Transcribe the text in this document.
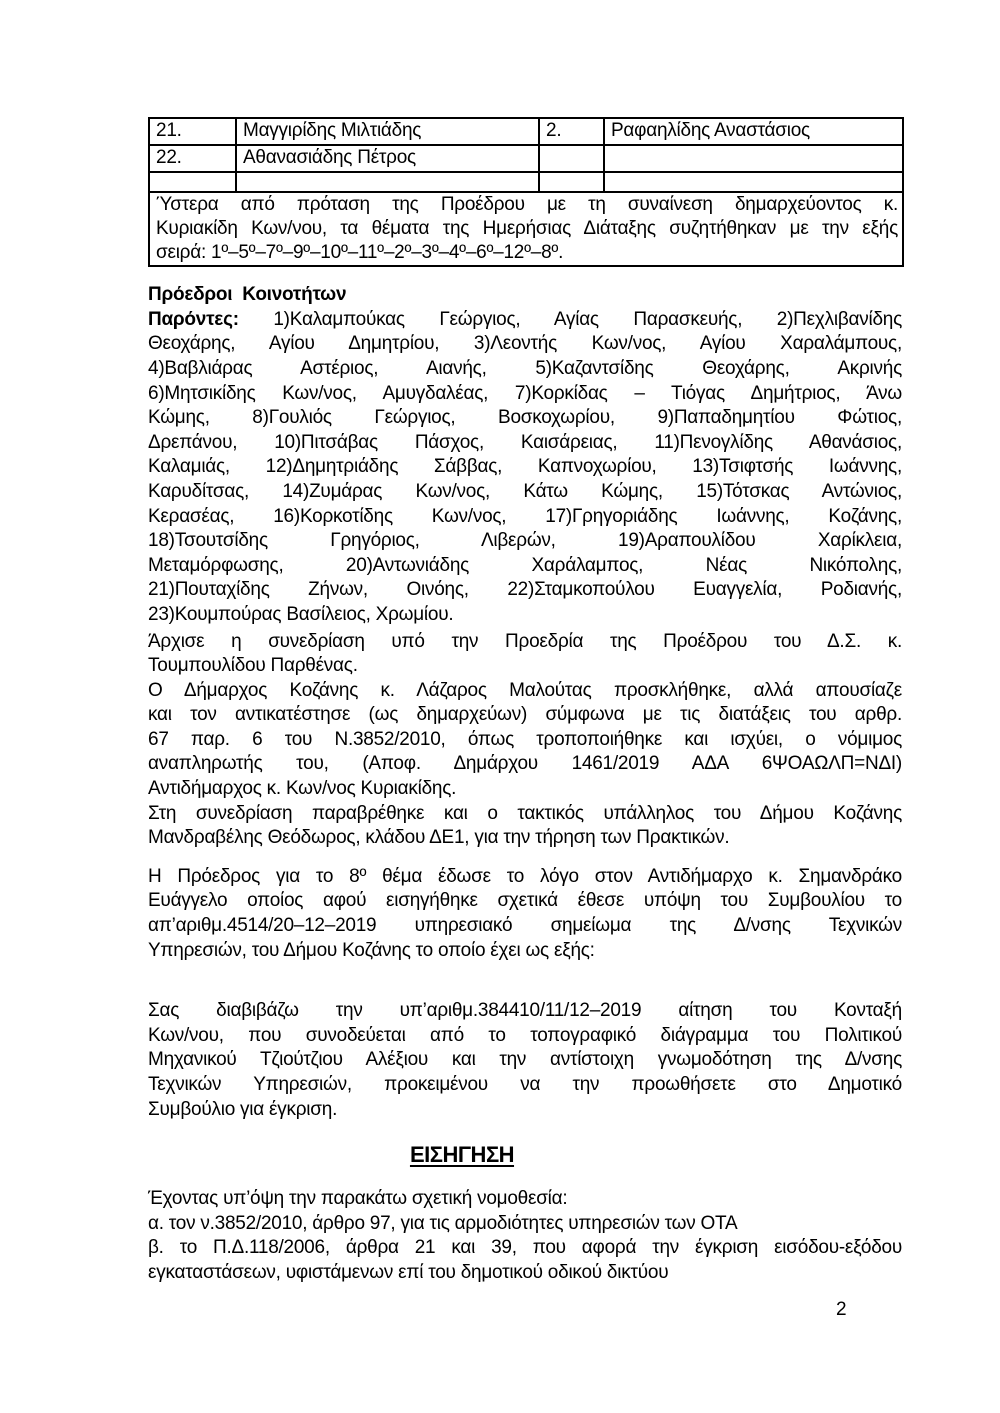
21.	Μαγγιρίδης Μιλτιάδης	2.	Ραφαηλίδης Αναστάσιος
22.	Αθανασιάδης Πέτρος		

Ύστερα από πρόταση της Προέδρου με τη συναίνεση δημαρχεύοντος κ.
Κυριακίδη Κων/νου, τα θέματα της Ημερήσιας Διάταξης συζητήθηκαν με την εξής
σειρά: 1º–5º–7º–9º–10º–11º–2º–3º–4º–6º–12º–8º.			
Πρόεδροι Κοινοτήτων
Παρόντες: 1)Καλαμπούκας Γεώργιος, Αγίας Παρασκευής, 2)Πεχλιβανίδης
Θεοχάρης, Αγίου Δημητρίου, 3)Λεοντής Κων/νος, Αγίου Χαραλάμπους,
4)Βαβλιάρας Αστέριος, Αιανής, 5)Καζαντσίδης Θεοχάρης, Ακρινής
6)Μητσικίδης Κων/νος, Αμυγδαλέας, 7)Κορκίδας – Τιόγας Δημήτριος, Άνω
Κώμης, 8)Γουλιός Γεώργιος, Βοσκοχωρίου, 9)Παπαδημητίου Φώτιος,
Δρεπάνου, 10)Πιτσάβας Πάσχος, Καισάρειας, 11)Πενογλίδης Αθανάσιος,
Καλαμιάς, 12)Δημητριάδης Σάββας, Καπνοχωρίου, 13)Τσιφτσής Ιωάννης,
Καρυδίτσας, 14)Ζυμάρας Κων/νος, Κάτω Κώμης, 15)Τότσκας Αντώνιος,
Κερασέας, 16)Κορκοτίδης Κων/νος, 17)Γρηγοριάδης Ιωάννης, Κοζάνης,
18)Τσουτσίδης Γρηγόριος, Λιβερών, 19)Αραπουλίδου Χαρίκλεια,
Μεταμόρφωσης, 20)Αντωνιάδης Χαράλαμπος, Νέας Νικόπολης,
21)Πουταχίδης Ζήνων, Οινόης, 22)Σταμκοπούλου Ευαγγελία, Ροδιανής,
23)Κουμπούρας Βασίλειος, Χρωμίου.
Άρχισε η συνεδρίαση υπό την Προεδρία της Προέδρου του Δ.Σ. κ.
Τουμπουλίδου Παρθένας.
Ο Δήμαρχος Κοζάνης κ. Λάζαρος Μαλούτας προσκλήθηκε, αλλά απουσίαζε
και τον αντικατέστησε (ως δημαρχεύων) σύμφωνα με τις διατάξεις του αρθρ.
67 παρ. 6 του Ν.3852/2010, όπως τροποποιήθηκε και ισχύει, ο νόμιμος
αναπληρωτής του, (Αποφ. Δημάρχου 1461/2019 ΑΔΑ 6ΨΟΑΩΛΠ=ΝΔΙ)
Αντιδήμαρχος κ. Κων/νος Κυριακίδης.
Στη συνεδρίαση παραβρέθηκε και ο τακτικός υπάλληλος του Δήμου Κοζάνης
Μανδραβέλης Θεόδωρος, κλάδου ΔΕ1, για την τήρηση των Πρακτικών.
Η Πρόεδρος για το 8º θέμα έδωσε το λόγο στον Αντιδήμαρχο κ. Σημανδράκο
Ευάγγελο οποίος αφού εισηγήθηκε σχετικά έθεσε υπόψη του Συμβουλίου το
απ’αριθμ.4514/20–12–2019 υπηρεσιακό σημείωμα της Δ/νσης Τεχνικών
Υπηρεσιών, του Δήμου Κοζάνης το οποίο έχει ως εξής:
Σας διαβιβάζω την υπ’αριθμ.384410/11/12–2019 αίτηση του Κονταξή
Κων/νου, που συνοδεύεται από το τοπογραφικό διάγραμμα του Πολιτικού
Μηχανικού Τζιούτζιου Αλέξιου και την αντίστοιχη γνωμοδότηση της Δ/νσης
Τεχνικών Υπηρεσιών, προκειμένου να την προωθήσετε στο Δημοτικό
Συμβούλιο για έγκριση.
ΕΙΣΗΓΗΣΗ
Έχοντας υπ’όψη την παρακάτω σχετική νομοθεσία:
α. τον ν.3852/2010, άρθρο 97, για τις αρμοδιότητες υπηρεσιών των ΟΤΑ
β. το Π.Δ.118/2006, άρθρα 21 και 39, που αφορά την έγκριση εισόδου-εξόδου
εγκαταστάσεων, υφιστάμενων επί του δημοτικού οδικού δικτύου
2
